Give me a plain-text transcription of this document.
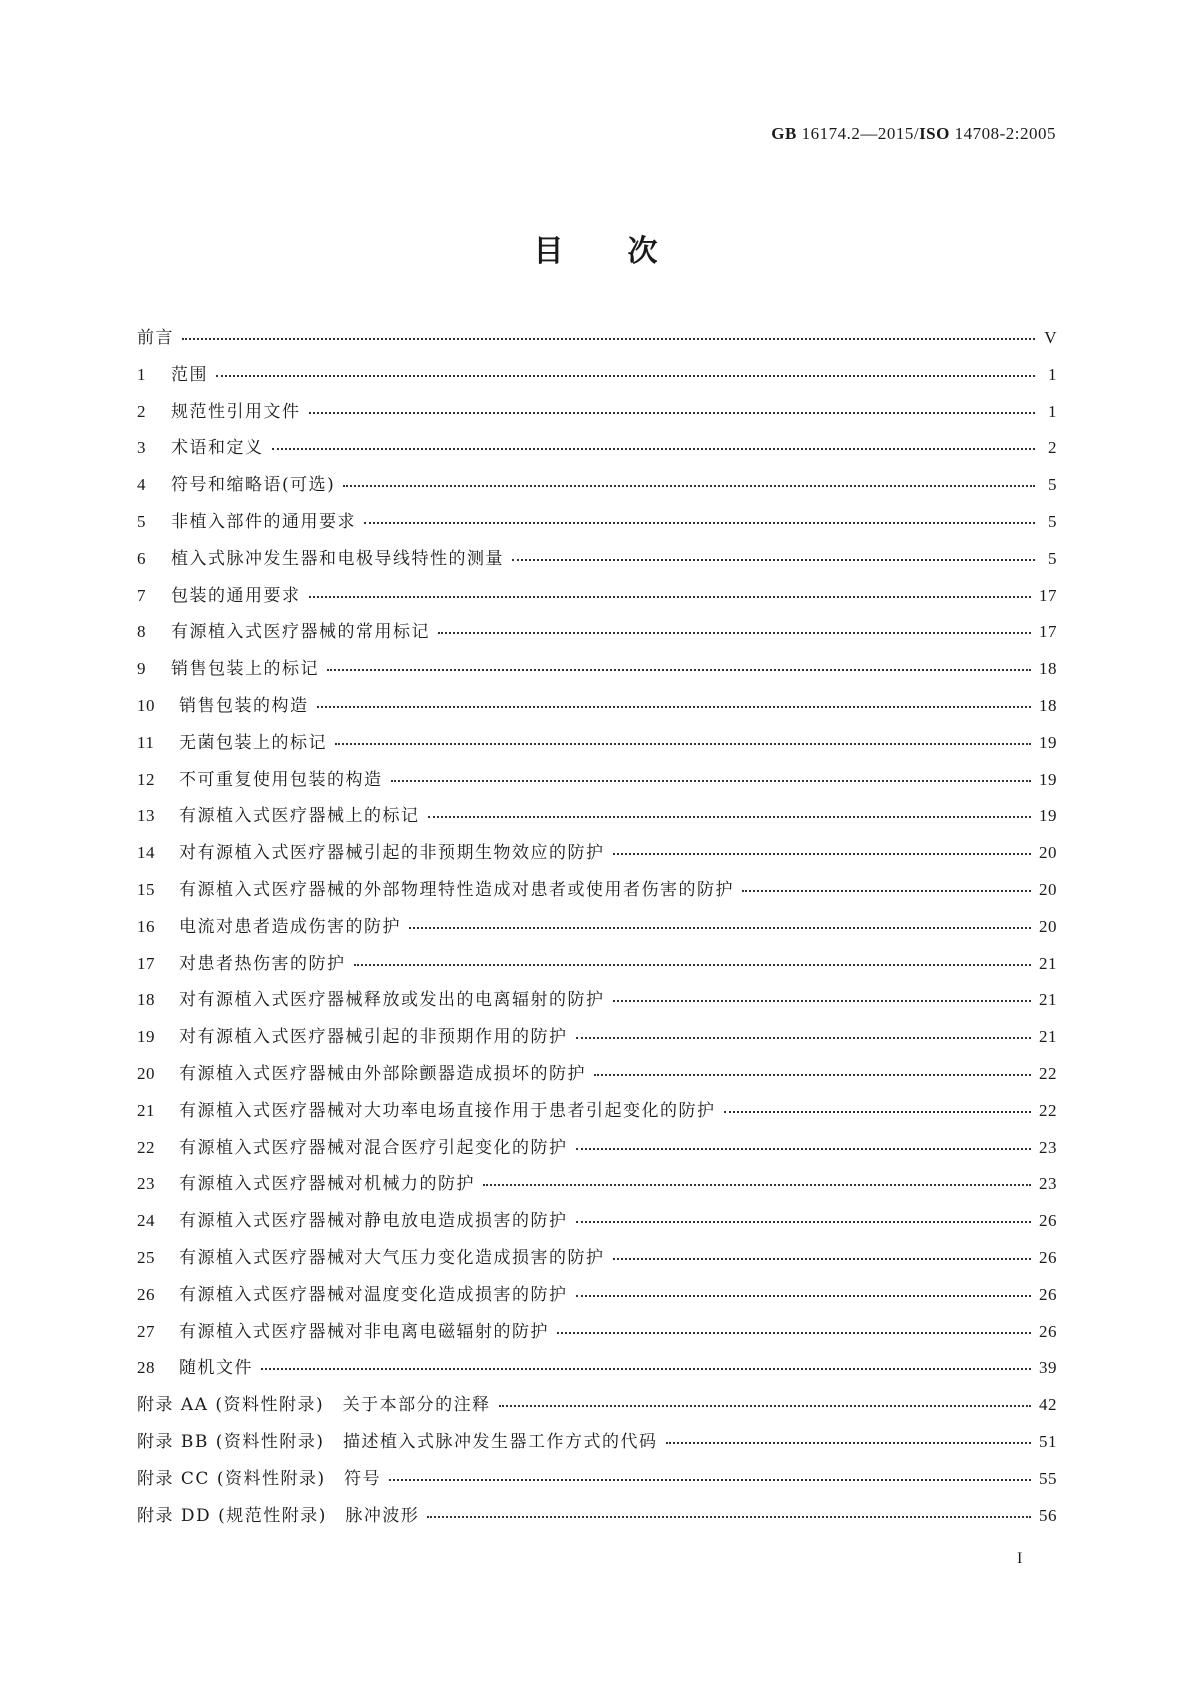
GB 16174.2—2015/ISO 14708-2:2005
目次
前言	V
1	范围	1
2	规范性引用文件	1
3	术语和定义	2
4	符号和缩略语(可选)	5
5	非植入部件的通用要求	5
6	植入式脉冲发生器和电极导线特性的测量	5
7	包装的通用要求	17
8	有源植入式医疗器械的常用标记	17
9	销售包装上的标记	18
10	销售包装的构造	18
11	无菌包装上的标记	19
12	不可重复使用包装的构造	19
13	有源植入式医疗器械上的标记	19
14	对有源植入式医疗器械引起的非预期生物效应的防护	20
15	有源植入式医疗器械的外部物理特性造成对患者或使用者伤害的防护	20
16	电流对患者造成伤害的防护	20
17	对患者热伤害的防护	21
18	对有源植入式医疗器械释放或发出的电离辐射的防护	21
19	对有源植入式医疗器械引起的非预期作用的防护	21
20	有源植入式医疗器械由外部除颤器造成损坏的防护	22
21	有源植入式医疗器械对大功率电场直接作用于患者引起变化的防护	22
22	有源植入式医疗器械对混合医疗引起变化的防护	23
23	有源植入式医疗器械对机械力的防护	23
24	有源植入式医疗器械对静电放电造成损害的防护	26
25	有源植入式医疗器械对大气压力变化造成损害的防护	26
26	有源植入式医疗器械对温度变化造成损害的防护	26
27	有源植入式医疗器械对非电离电磁辐射的防护	26
28	随机文件	39
附录 AA (资料性附录)　关于本部分的注释	42
附录 BB (资料性附录)　描述植入式脉冲发生器工作方式的代码	51
附录 CC (资料性附录)　符号	55
附录 DD (规范性附录)　脉冲波形	56
I
